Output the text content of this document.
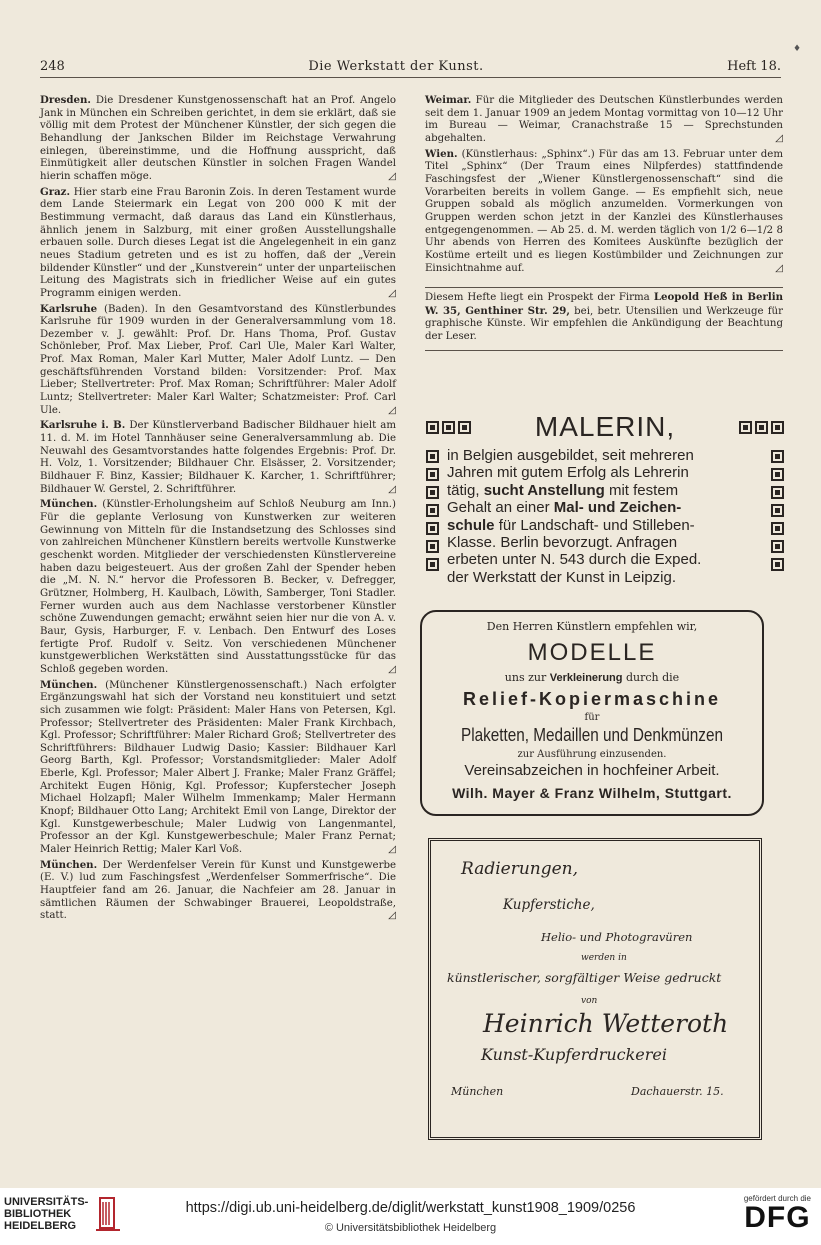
♦
248	Die Werkstatt der Kunst.	Heft 18.

Dresden. Die Dresdener Kunstgenossenschaft hat an Prof. Angelo Jank in München ein Schreiben gerichtet, in dem sie erklärt, daß sie völlig mit dem Protest der Münchener Künstler, der sich gegen die Behandlung der Jankschen Bilder im Reichstage Verwahrung einlegen, übereinstimme, und die Hoffnung ausspricht, daß Einmütigkeit aller deutschen Künstler in solchen Fragen Wandel hierin schaffen möge.	◿

Graz. Hier starb eine Frau Baronin Zois. In deren Testament wurde dem Lande Steiermark ein Legat von 200 000 K mit der Bestimmung vermacht, daß daraus das Land ein Künstlerhaus, ähnlich jenem in Salzburg, mit einer großen Ausstellungshalle erbauen solle. Durch dieses Legat ist die Angelegenheit in ein ganz neues Stadium getreten und es ist zu hoffen, daß der „Verein bildender Künstler“ und der „Kunstverein“ unter der unparteiischen Leitung des Magistrats sich in friedlicher Weise auf ein gutes Programm einigen werden.	◿

Karlsruhe (Baden). In den Gesamtvorstand des Künstlerbundes Karlsruhe für 1909 wurden in der Generalversammlung vom 18. Dezember v. J. gewählt: Prof. Dr. Hans Thoma, Prof. Gustav Schönleber, Prof. Max Lieber, Prof. Carl Ule, Maler Karl Walter, Prof. Max Roman, Maler Karl Mutter, Maler Adolf Luntz. — Den geschäftsführenden Vorstand bilden: Vorsitzender: Prof. Max Lieber; Stellvertreter: Prof. Max Roman; Schriftführer: Maler Adolf Luntz; Stellvertreter: Maler Karl Walter; Schatzmeister: Prof. Carl Ule.	◿

Karlsruhe i. B. Der Künstlerverband Badischer Bildhauer hielt am 11. d. M. im Hotel Tannhäuser seine Generalversammlung ab. Die Neuwahl des Gesamtvorstandes hatte folgendes Ergebnis: Prof. Dr. H. Volz, 1. Vorsitzender; Bildhauer Chr. Elsässer, 2. Vorsitzender; Bildhauer F. Binz, Kassier; Bildhauer K. Karcher, 1. Schriftführer; Bildhauer W. Gerstel, 2. Schriftführer.	◿

München. (Künstler-Erholungsheim auf Schloß Neuburg am Inn.) Für die geplante Verlosung von Kunstwerken zur weiteren Gewinnung von Mitteln für die Instandsetzung des Schlosses sind von zahlreichen Münchener Künstlern bereits wertvolle Kunstwerke geschenkt worden. Mitglieder der verschiedensten Künstlervereine haben dazu beigesteuert. Aus der großen Zahl der Spender heben die „M. N. N.“ hervor die Professoren B. Becker, v. Defregger, Grützner, Holmberg, H. Kaulbach, Löwith, Samberger, Toni Stadler. Ferner wurden auch aus dem Nachlasse verstorbener Künstler schöne Zuwendungen gemacht; erwähnt seien hier nur die von A. v. Baur, Gysis, Harburger, F. v. Lenbach. Den Entwurf des Loses fertigte Prof. Rudolf v. Seitz. Von verschiedenen Münchener kunstgewerblichen Werkstätten sind Ausstattungsstücke für das Schloß gegeben worden.	◿

München. (Münchener Künstlergenossenschaft.) Nach erfolgter Ergänzungswahl hat sich der Vorstand neu konstituiert und setzt sich zusammen wie folgt: Präsident: Maler Hans von Petersen, Kgl. Professor; Stellvertreter des Präsidenten: Maler Frank Kirchbach, Kgl. Professor; Schriftführer: Maler Richard Groß; Stellvertreter des Schriftführers: Bildhauer Ludwig Dasio; Kassier: Bildhauer Karl Georg Barth, Kgl. Professor; Vorstandsmitglieder: Maler Adolf Eberle, Kgl. Professor; Maler Albert J. Franke; Maler Franz Gräffel; Architekt Eugen Hönig, Kgl. Professor; Kupferstecher Joseph Michael Holzapfl; Maler Wilhelm Immenkamp; Maler Hermann Knopf; Bildhauer Otto Lang; Architekt Emil von Lange, Direktor der Kgl. Kunstgewerbeschule; Maler Ludwig von Langenmantel, Professor an der Kgl. Kunstgewerbeschule; Maler Franz Pernat; Maler Heinrich Rettig; Maler Karl Voß.	◿

München. Der Werdenfelser Verein für Kunst und Kunstgewerbe (E. V.) lud zum Faschingsfest „Werdenfelser Sommerfrische“. Die Hauptfeier fand am 26. Januar, die Nachfeier am 28. Januar in sämtlichen Räumen der Schwabinger Brauerei, Leopoldstraße, statt.	◿

Weimar. Für die Mitglieder des Deutschen Künstlerbundes werden seit dem 1. Januar 1909 an jedem Montag vormittag von 10—12 Uhr im Bureau — Weimar, Cranachstraße 15 — Sprechstunden abgehalten.	◿

Wien. (Künstlerhaus: „Sphinx“.) Für das am 13. Februar unter dem Titel „Sphinx“ (Der Traum eines Nilpferdes) stattfindende Faschingsfest der „Wiener Künstlergenossenschaft“ sind die Vorarbeiten bereits in vollem Gange. — Es empfiehlt sich, neue Gruppen sobald als möglich anzumelden. Vormerkungen von Gruppen werden schon jetzt in der Kanzlei des Künstlerhauses entgegengenommen. — Ab 25. d. M. werden täglich von 1/2 6—1/2 8 Uhr abends von Herren des Komitees Auskünfte bezüglich der Kostüme erteilt und es liegen Kostümbilder und Zeichnungen zur Einsichtnahme auf.	◿

Diesem Hefte liegt ein Prospekt der Firma Leopold Heß in Berlin W. 35, Genthiner Str. 29, bei, betr. Utensilien und Werkzeuge für graphische Künste. Wir empfehlen die Ankündigung der Beachtung der Leser.
MALERIN,
in Belgien ausgebildet, seit mehreren
Jahren mit gutem Erfolg als Lehrerin
tätig, sucht Anstellung mit festem
Gehalt an einer Mal- und Zeichen-
schule für Landschaft- und Stilleben-
Klasse. Berlin bevorzugt. Anfragen
erbeten unter N. 543 durch die Exped.
der Werkstatt der Kunst in Leipzig.
Den Herren Künstlern empfehlen wir,
MODELLE
uns zur Verkleinerung durch die
Relief-Kopiermaschine
für
Plaketten, Medaillen und Denkmünzen
zur Ausführung einzusenden.
Vereinsabzeichen in hochfeiner Arbeit.
Wilh. Mayer & Franz Wilhelm, Stuttgart.
Radierungen,
Kupferstiche,
Helio- und Photogravüren
werden in
künstlerischer, sorgfältiger Weise gedruckt
von
Heinrich Wetteroth
Kunst-Kupferdruckerei
München	Dachauerstr. 15.
UNIVERSITÄTS-
BIBLIOTHEK
HEIDELBERG
https://digi.ub.uni-heidelberg.de/diglit/werkstatt_kunst1908_1909/0256
© Universitätsbibliothek Heidelberg
gefördert durch die
DFG
